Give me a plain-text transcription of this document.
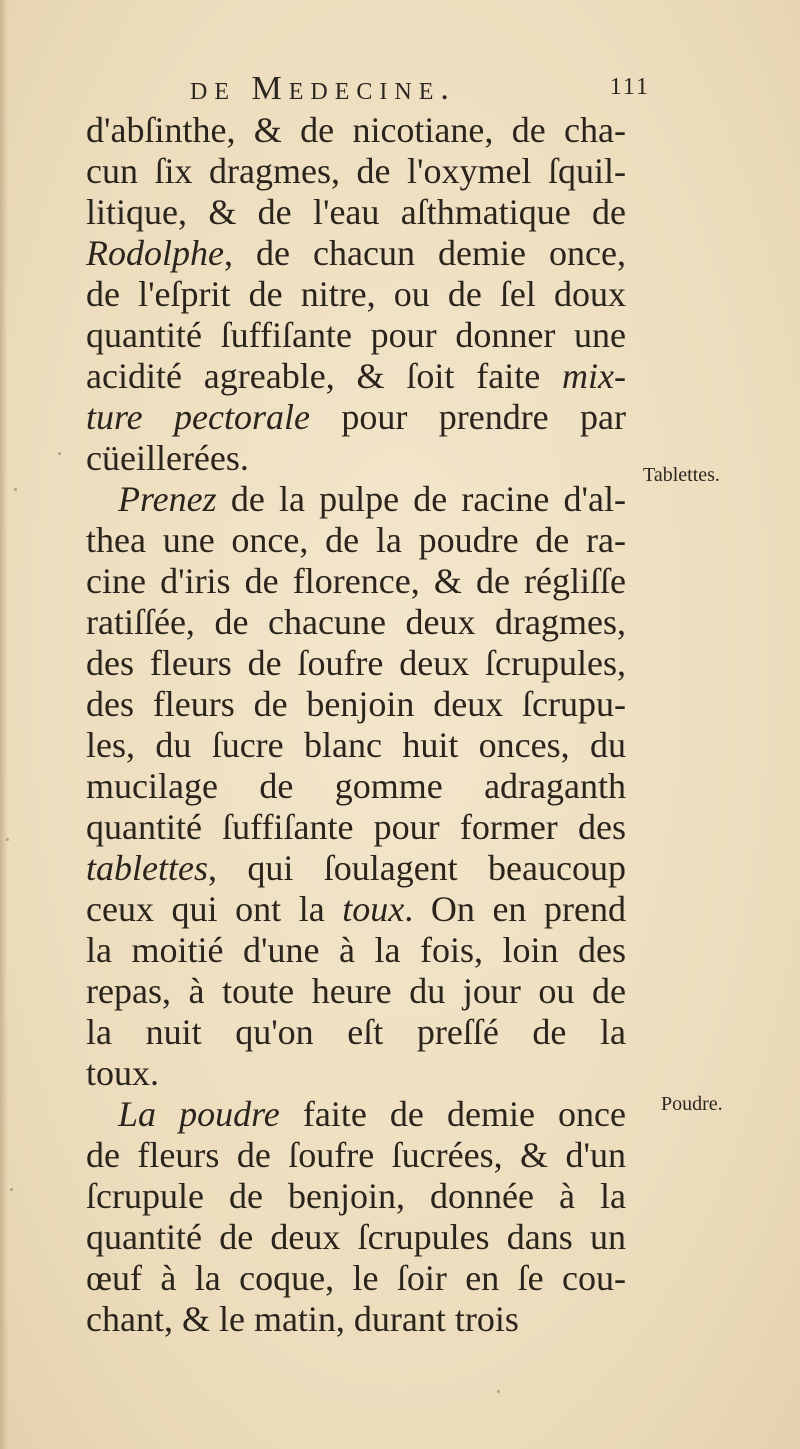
de Medecine.	111
d'abſinthe, & de nicotiane, de cha-
cun ſix dragmes, de l'oxymel ſquil-
litique, & de l'eau aſthmatique de
Rodolphe, de chacun demie once,
de l'eſprit de nitre, ou de ſel doux
quantité ſuffiſante pour donner une
acidité agreable, & ſoit faite mix-
ture pectorale pour prendre par
cüeillerées.
Prenez de la pulpe de racine d'al-
thea une once, de la poudre de ra-
cine d'iris de florence, & de régliſſe
ratiſſée, de chacune deux dragmes,
des fleurs de ſoufre deux ſcrupules,
des fleurs de benjoin deux ſcrupu-
les, du ſucre blanc huit onces, du
mucilage de gomme adraganth
quantité ſuffiſante pour former des
tablettes, qui ſoulagent beaucoup
ceux qui ont la toux. On en prend
la moitié d'une à la fois, loin des
repas, à toute heure du jour ou de
la nuit qu'on eſt preſſé de la
toux.
La poudre faite de demie once
de fleurs de ſoufre ſucrées, & d'un
ſcrupule de benjoin, donnée à la
quantité de deux ſcrupules dans un
œuf à la coque, le ſoir en ſe cou-
chant, & le matin, durant trois
Tablettes.
Poudre.
